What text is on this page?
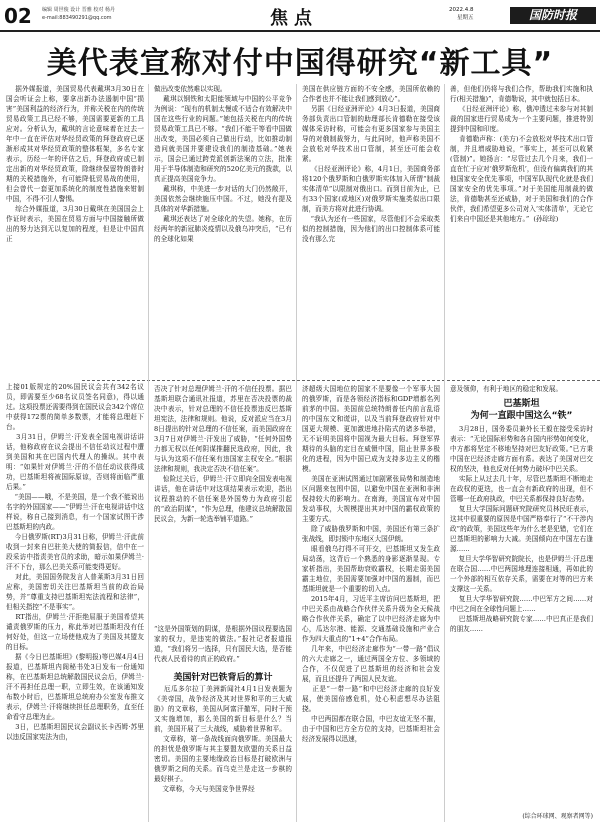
02 编辑 周世俊 设计 晋雅 校对 杨丹
e-mail:883490291@qq.com	焦点	2022.4.8
星期五	国防时报
美代表宣称对付中国得研究“新工具”
据外媒报道，美国贸易代表戴琪3月30日在国会听证会上称，要拿出新办法遏制中国“损害”美国利益的经济行为，并称关税在内的传统贸易政策工具已经不够，美国需要更新的工具应对。分析认为，戴琪的言论意味着在过去一年中一直在评估对华经贸政策的拜登政府已逐渐形成其对华经贸政策的整体框架，多名专家表示，历经一年的评估之后，拜登政府或已制定出新的对华经贸政策，除继续保留特朗普时期的关税措施外，有可能降低贸易战的使用，但会曾代一套更加系统化的制度性措施来钳制中国，不得不引人警惕。
综合外媒报道，3月30日戴琪在美国国会上作证时表示，美国在贸易方面与中国接触所做出的努力达到无以复加的程度，但是让中国真正
做出改变依然难以实现。
戴琪以钢铁和太阳能领域与中国的公平竞争为例说：“现有的机制太慢或不适合有效解决中国在这些行业的问题。”她包括关税在内的传统贸易政策工具已不够。“我们不能干等看中国做出改变，美国必须自己做出行动，比如推动制造问就美国并要建设我们的制造基础。”她表示，国会已通过跨党派创新法案的立法，批准用于半导体制造和研究的520亿美元的拨款，以真正提高美国竞争力。
戴琪称，中美进一步对话的大门仍然敞开，美国依然会继续施压中国。不过，她没有提及具体的对华新措施。
戴琪还表达了对全球化的失望。她称，在历经两年的新冠肺炎疫情以及俄乌冲突后，“已有的全球化如果
美国在供应链方面的不安全感，美国所依赖的合作者也并不能让我们感到放心”。
另据《日经亚洲评论》4月3日报道，美国商务部负责出口管制的助理部长肯德勒在接受该媒体采访时称，可能会有更多国家参与美国主导的对俄制裁努力，与此同时，他声称美国不会放松对华技术出口管制，甚至还可能会收紧。
《日经亚洲评论》称，4月1日，美国商务部将120个俄罗斯和白俄罗斯实体加入所谓“制裁实体清单”以限制对俄出口。而到目前为止，已有33个国家(或地区)对俄罗斯实施类似出口限制，而美方将对此进行协调。
“我认为还有一些国家，尽管他们不会采取类似的控制措施，因为他们的出口控制体系可能没有那么完
善，但他们仍将与我们合作，帮助我们实施和执行(相关措施)”，肯德勒说，其中就包括日本。
《日经亚洲评论》称，俄冲透过未参与对其制裁的国家进行贸易成为一个主要问题，推进特别提到中国和印度。
肯德勒声称：(美方)不会放松对华技术出口管制，并且增威胁地说，“事实上，甚至可以收紧(管制)”。她扬言：“尽管过去几个月来，我们一直在忙于应对‘俄罗斯危机’，但没有偏离我们的其他国家安全优先事项，中国军队现代化就是我们国家安全的优先事项。”对于美国能用制裁的做法，肯德勒甚至还威胁，对于美国和我们的合作伙伴，我们希望更多公司对入‘实体清单’，无论它们来自中国还是其他地方。”  (孙琮琮)
上接01版规定的20%国民议会共有342名议员，即需要至少68名议员签名同意)，得以通过。这项投票还需要得到在国民议会342个席位中获得172票的简单多数票，才能将总理赶下台。
3月31日，伊姆兰·汗发表全国电视讲话讲话，他称政府在议会提出不信任动议过程中遭到美国和其在巴国内代理人的操纵。其中表明：“如果针对伊姆兰·汗的不信任动议获得成功，巴基斯坦将被国际原谅，否则将面临严重后果。”
“美国——哦，不是美国，是一个我不能说出名字的外国国家——”伊姆兰·汗在电视讲话中这样说，称自己接到消息，有一个国家试图干涉巴基斯坦的内政。
今日俄罗斯(RT)3月31日称，伊姆兰·汗此前收到一封来自巴驻美大使的简报信，信中在一段采访中指责美官员的求助，暗示如果伊姆兰·汗不下台，那么巴美关系可能变得更好。
对此，美国国务院发言人普莱斯3月31日回应称，美国密切关注巴基斯坦当前的政治局势，并“尊重支持巴基斯坦宪法流程和法律”，但相关指控“不是事实”。
RT指出，伊姆兰·汗拒绝屈服于美国希望其谴责俄罗斯的压力，称此举对巴基斯坦没有任何好处，但这一立场使他成为了美国及其盟友的目标。
据《今日巴基斯坦》(黎明报)等巴媒4月4日报道，巴基斯坦内阁秘书处3日发布一份通知称，在巴基斯坦总统解散国民议会后，伊姆兰·汗不再担任总理一职，立即生效，在该通知发布数小时后，巴基斯坦总统府办公室发布推文表示，伊姆兰·汗将继续担任总理职务，直至任命看守总理为止。
3日，巴基斯坦国民议会副议长卡西姆·苏里以违反国家宪法为由，
否决了针对总理伊姆兰·汗的不信任投票。据巴基斯坦联合通讯社报道，苏里在否决投票的裁决中表示，针对总理的不信任投票违反巴基斯坦宪法，法律和规则。他说，反对派应当在3月8日提出的针对总理的不信任案，而美国政府在3月7日对伊姆兰·汗发出了威胁，“任何外国势力都无权以任何阴谋推翻民选政府，因此，我与认为这项不信任案有违国家主权安全。”根据法律和规则，我决定否决不信任案”。
惊险过关后，伊姆兰·汗立即向全国发表电视讲话，他在讲话中对这项结果表示欢迎，指出议程推动的不信任案是外国势力为政府引起的“政治阴谋”，“作为总理，他建议总统解散国民议会，为新一轮选举铺平道路。”
“这是外国策划的阴谋，是根据外国议程要选国家的权力，是违宪的做法。”报社记者报道报道，“我们将另一选择，只有国民大选，是否能代表人民看待的真正的政府。”

美国针对巴铁背后的算计
厄瓜多尔拉丁美洲新闻社4月1日发表题为《美帝国，战争经济及其对世界和平的三大威胁》的文章称，美国从阿富汗撤军，同时干预又实施增加，那么美国的新目标是什么？当前，美国开展了三大战线，威胁着世界和平。
文章称，第一条战线面向俄罗斯。美国最大的担忧是俄罗斯与其主要盟友欧盟的关系日益密切。美国的主要地缘政治目标是打破欧洲与俄罗斯之间的关系。而乌克兰是走这一步棋的最好棋子。
文章称，今天与美国竞争世界经
济超级大国地位的国家不是要像一个军事大国的俄罗斯，而是各领经济指标和GDP增都名列前茅的中国。美国前总统特朗普任内前言乱语的中国东文和谎讲，以及当前拜登政府针对中国更大规模、更加激进地扑陷式的诸多举措，无不证明美国将中国视为最大目标。拜登军界期待的头脑的定目在威慑中国，阻止世界多极化的进程，因为中国已成为支持多边主义的楷模。
美国在亚洲试图通过加剧紧张局势和制造地区问题来包围中国，以避免中国在亚洲和非洲保持较大的影响力。在南海，美国宣布对中国发动事权，大规模提出其对中国的霸权政策的主要方式。
除了威胁俄罗斯和中国，美国还有第三条扩张战线，即封锁中东地区大国伊朗。
眼看俄乌打得不可开交，巴基斯坦又发生政局动荡，这背后一个熟悉的身影逐渐显现。专家析指出，美国帮助衰败霸权，长期走弱美国霸主地位，美国需要加强对中国的遏制，而巴基斯坦就是一个重要的切入点。
2015年4月，习近平主席访问巴基斯坦，把中巴关系由战略合作伙伴关系升级为全天候战略合作伙伴关系，确定了以中巴经济走廊为中心，瓜达尔港、能源、交通基础设施和产业合作为四大重点的“1+4”合作布局。
几年来，中巴经济走廊作为“一带一路”倡议的六大走廊之一，通过两国全方位、多领域的合作，不仅促进了巴基斯坦的经济和社会发展，而且还提升了两国人民友谊。
正是“一带一路”和中巴经济走廊的良好发展，使美国倍感危机，处心积虑想尽办法阻挠。
中巴两国都在联合国，中巴友谊无坚不摧，由于中国和巴方全方位的支持，巴基斯坦社会经济发展得以迅速，
意及领仰，有利于地区的稳定和发展。
巴基斯坦
为何一直跟中国这么“铁”
3月28日，国务委员兼外长王毅在接受采访时表示：“无论国际形势和各自国内形势如何变化，中方都将坚定不移地坚持对巴友好政策。”已方秉中国在巴经济走廊方面有系。表达了美国对巴交权的坚决，他也反对任何势力破坏中巴关系。
实际上从过去几十年，尽管巴基斯坦不断地走在政权的更迭，也一直会有新政府的出现，但不管哪一任政府执政，中巴关系都保持良好态势。
复旦大学国际问题研究院研究员林民旺表示，这其中很重要的原因是中国严格奉行了“不干涉内政”的政策，美国这些年为什么老是犯错，它们在巴基斯坦的影响力大减。美国倾向在中国左右逢源……
复旦大学华智研究院院长，也是伊姆兰·汗总理在联合国……中巴两国地理连接相通，再如此的一个外部的相互依存关系，需要在对等的巴方来支撑这一关系。
复旦大学华智研究院……中巴军方之间……对中巴之间在全球性问题上……
巴基斯坦战略研究院专家……中巴真正是我们的朋友……
(综合环球网、观察者网等)
